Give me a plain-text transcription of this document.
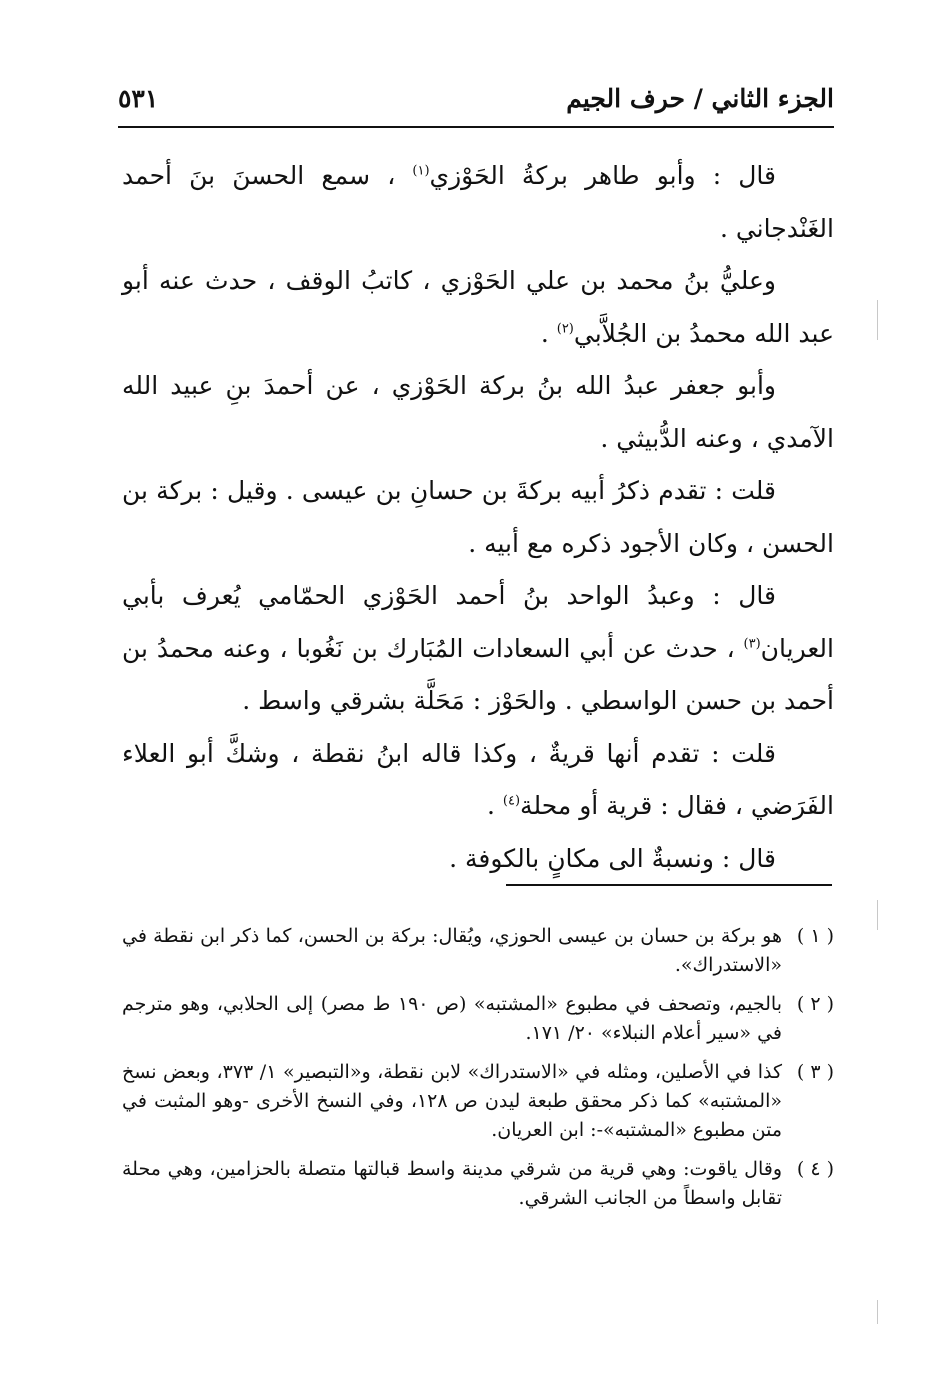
الجزء الثاني / حرف الجيم
٥٣١

قال : وأبو طاهر بركةُ الحَوْزي$^{(١)}$ ، سمع الحسنَ بنَ أحمد الغَنْدجاني .

وعليُّ بنُ محمد بن علي الحَوْزي ، كاتبُ الوقف ، حدث عنه أبو عبد الله محمدُ بن الجُلاَّبي$^{(٢)}$ .

وأبو جعفر عبدُ الله بنُ بركة الحَوْزي ، عن أحمدَ بنِ عبيد الله الآمدي ، وعنه الدُّبيثي .

قلت : تقدم ذكرُ أبيه بركةَ بن حسانِ بن عيسى . وقيل : بركة بن الحسن ، وكان الأجود ذكره مع أبيه .

قال : وعبدُ الواحد بنُ أحمد الحَوْزي الحمّامي يُعرف بأبي العريان$^{(٣)}$ ، حدث عن أبي السعادات المُبَارك بن نَغُوبا ، وعنه محمدُ بن أحمد بن حسن الواسطي . والحَوْز : مَحَلَّة بشرقي واسط .

قلت : تقدم أنها قريةٌ ، وكذا قاله ابنُ نقطة ، وشكَّ أبو العلاء الفَرَضي ، فقال : قرية أو محلة$^{(٤)}$ .

قال : ونسبةٌ الى مكانٍ بالكوفة .

( ١ )
هو بركة بن حسان بن عيسى الحوزي، ويُقال: بركة بن الحسن، كما ذكر ابن نقطة في «الاستدراك».
( ٢ )
بالجيم، وتصحف في مطبوع «المشتبه» (ص ١٩٠ ط مصر) إلى الحلابي، وهو مترجم في «سير أعلام النبلاء» ٢٠/ ١٧١.
( ٣ )
كذا في الأصلين، ومثله في «الاستدراك» لابن نقطة، و«التبصير» ١/ ٣٧٣، وبعض نسخ «المشتبه» كما ذكر محقق طبعة ليدن ص ١٢٨، وفي النسخ الأخرى -وهو المثبت في متن مطبوع «المشتبه»-: ابن العريان.
( ٤ )
وقال ياقوت: وهي قرية من شرقي مدينة واسط قبالتها متصلة بالحزامين، وهي محلة تقابل واسطاً من الجانب الشرقي.
